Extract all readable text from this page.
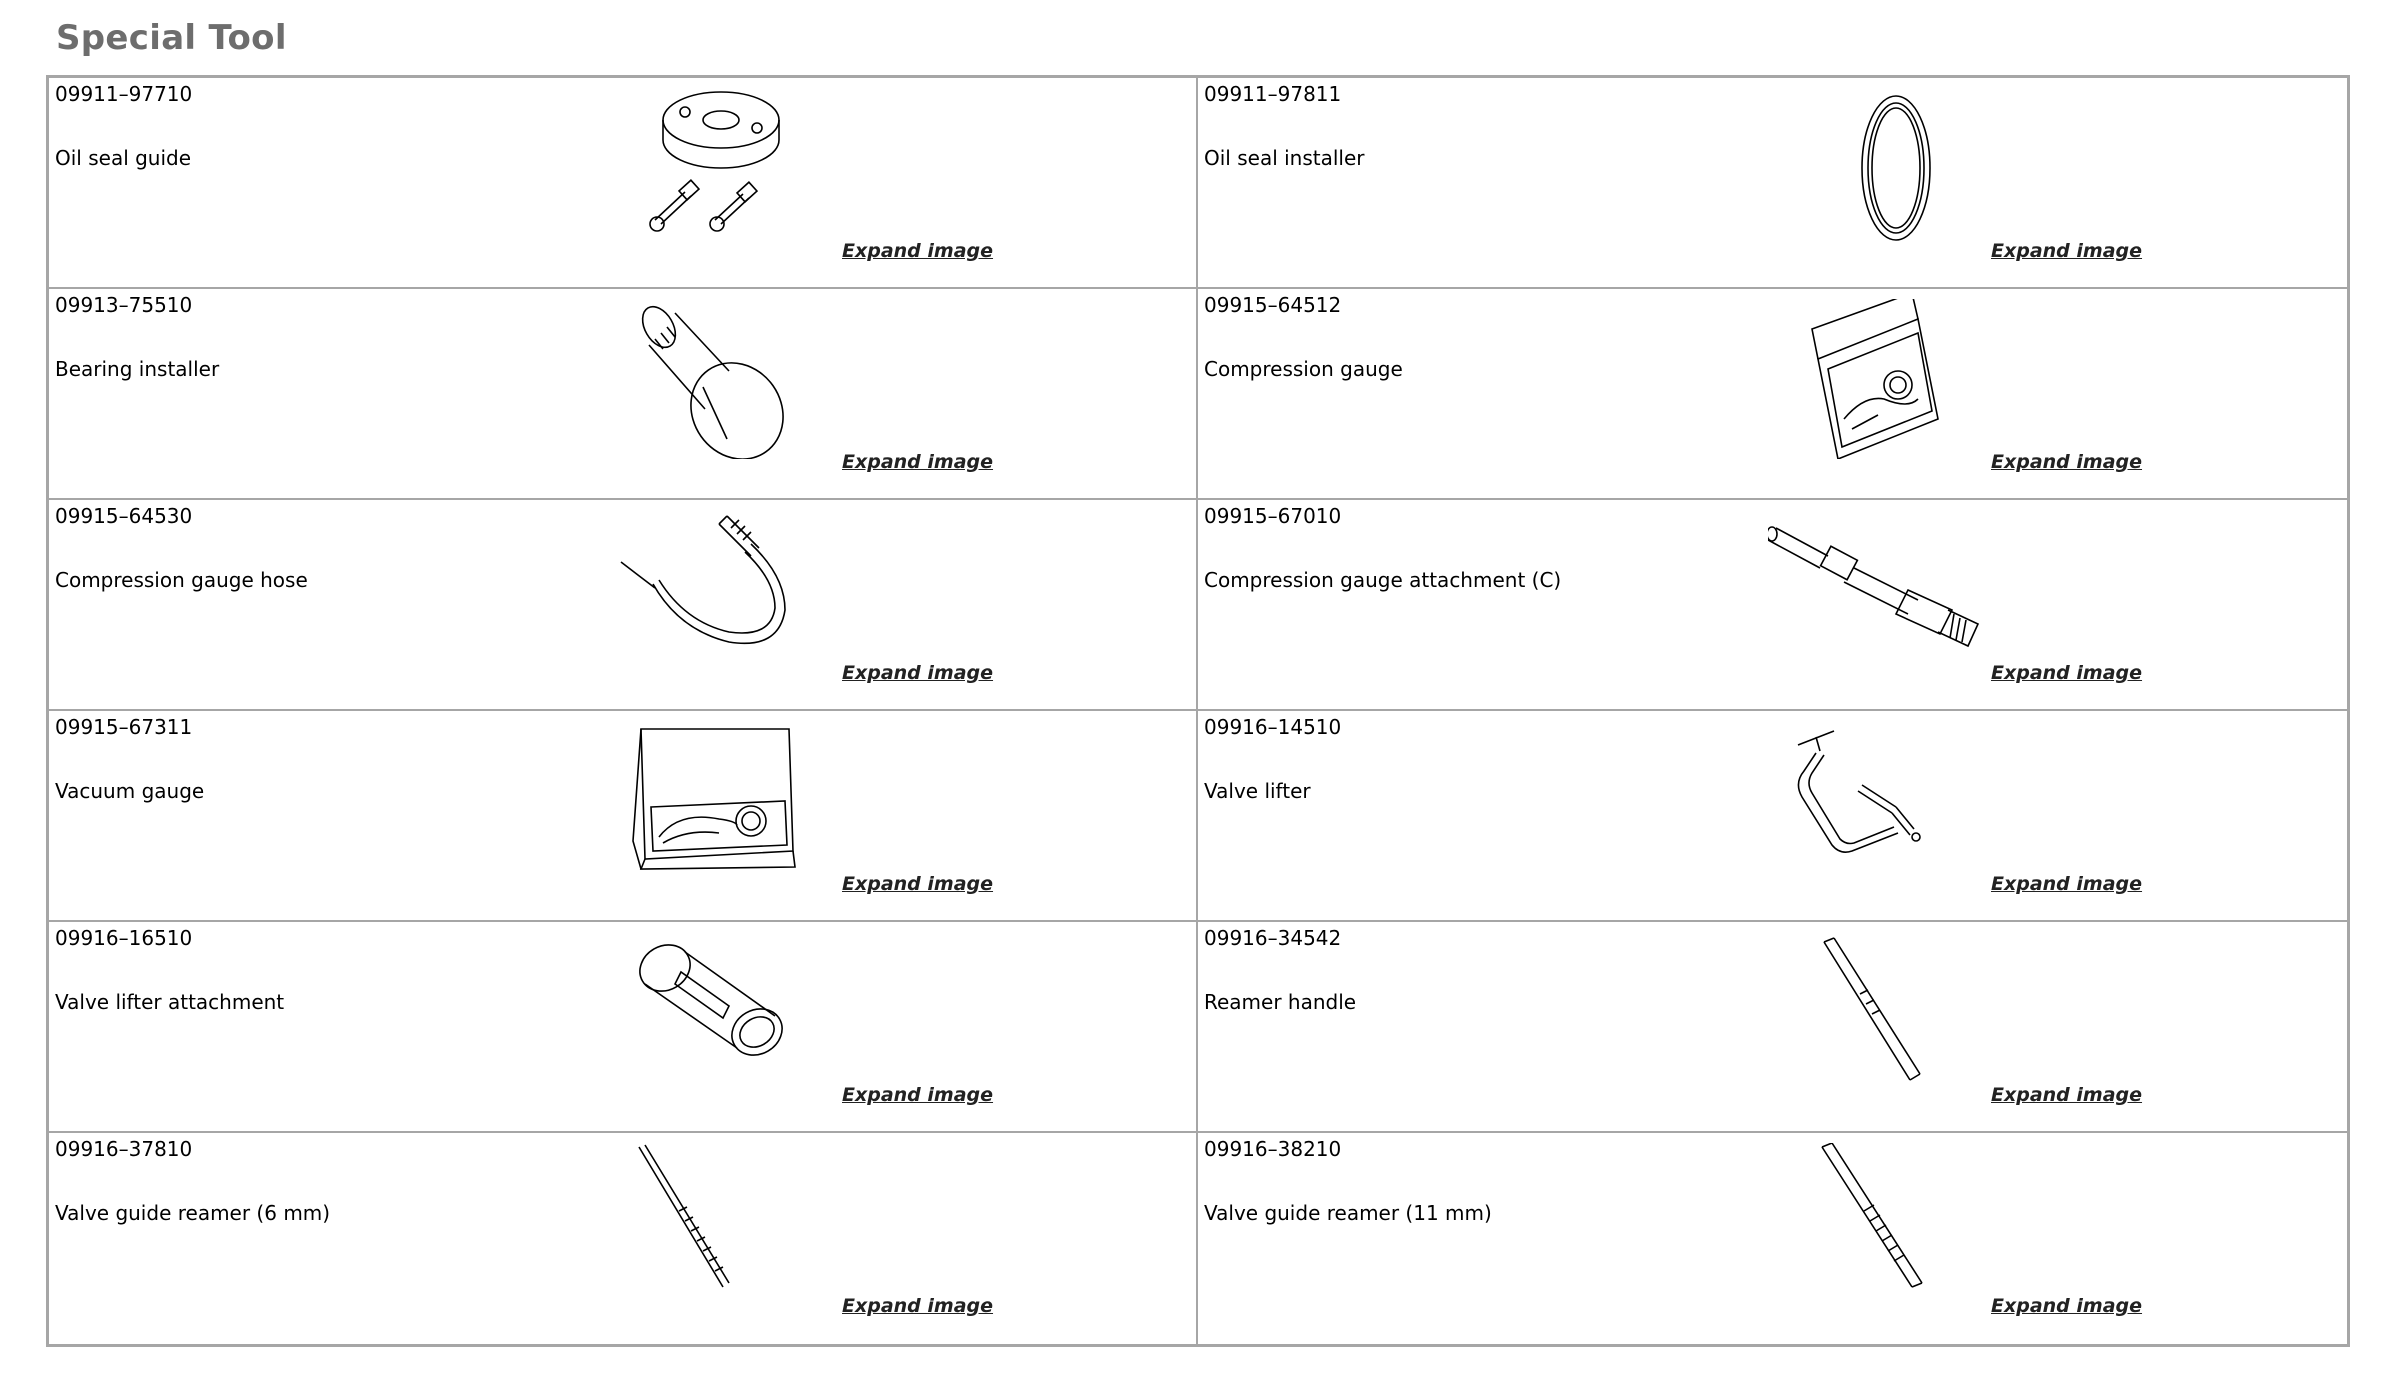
Special Tool
09911–97710
Oil seal guide
Expand image
09911–97811
Oil seal installer
Expand image
09913–75510
Bearing installer
Expand image
09915–64512
Compression gauge
Expand image
09915–64530
Compression gauge hose
Expand image
09915–67010
Compression gauge attachment (C)
Expand image
09915–67311
Vacuum gauge
Expand image
09916–14510
Valve lifter
Expand image
09916–16510
Valve lifter attachment
Expand image
09916–34542
Reamer handle
Expand image
09916–37810
Valve guide reamer (6 mm)
Expand image
09916–38210
Valve guide reamer (11 mm)
Expand image
